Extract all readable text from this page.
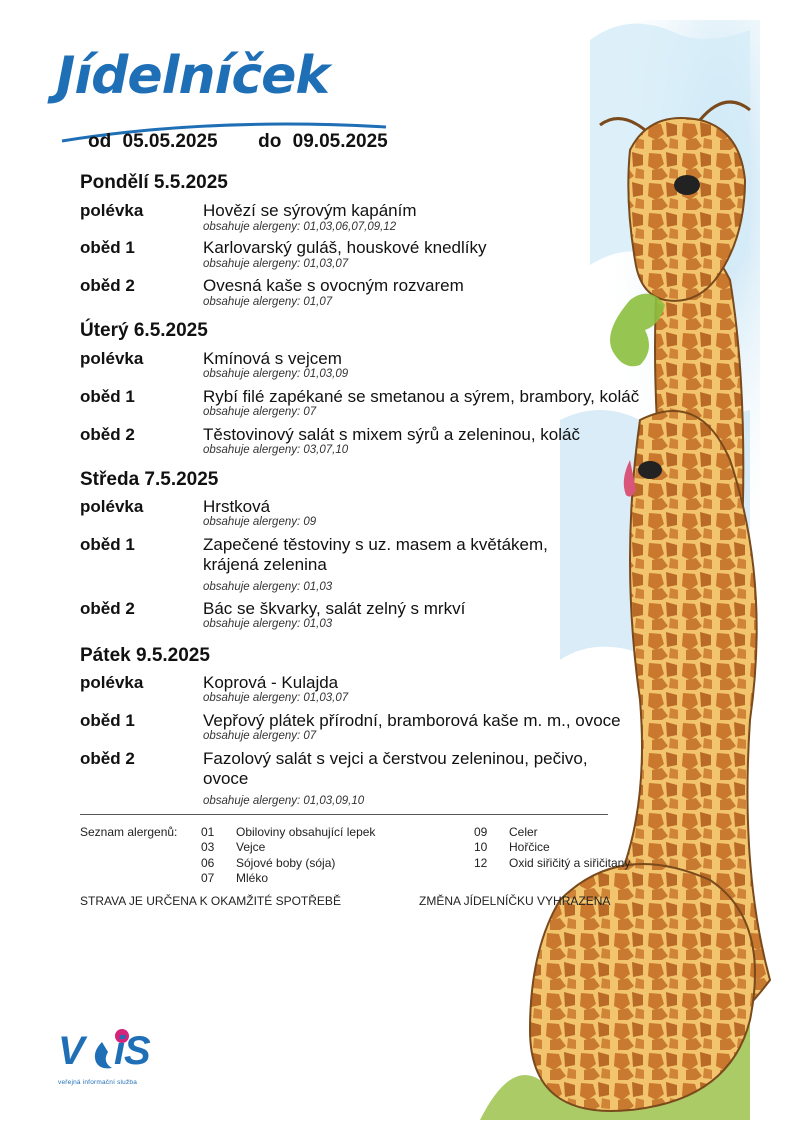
Jídelníček
od 05.05.2025 do 09.05.2025
Pondělí 5.5.2025
polévka	Hovězí se sýrovým kapáním
obsahuje alergeny: 01,03,06,07,09,12
oběd 1	Karlovarský guláš, houskové knedlíky
obsahuje alergeny: 01,03,07
oběd 2	Ovesná kaše s ovocným rozvarem
obsahuje alergeny: 01,07
Úterý 6.5.2025
polévka	Kmínová s vejcem
obsahuje alergeny: 01,03,09
oběd 1	Rybí filé zapékané se smetanou a sýrem, brambory, koláč
obsahuje alergeny: 07
oběd 2	Těstovinový salát s mixem sýrů a zeleninou, koláč
obsahuje alergeny: 03,07,10
Středa 7.5.2025
polévka	Hrstková
obsahuje alergeny: 09
oběd 1	Zapečené těstoviny s uz. masem a květákem,
krájená zelenina
obsahuje alergeny: 01,03
oběd 2	Bác se škvarky, salát zelný s mrkví
obsahuje alergeny: 01,03
Pátek 9.5.2025
polévka	Koprová - Kulajda
obsahuje alergeny: 01,03,07
oběd 1	Vepřový plátek přírodní, bramborová kaše m. m., ovoce
obsahuje alergeny: 07
oběd 2	Fazolový salát s vejci a čerstvou zeleninou, pečivo,
ovoce
obsahuje alergeny: 01,03,09,10
Seznam alergenů: 01 Obiloviny obsahující lepek
03 Vejce
06 Sójové boby (sója)
07 Mléko
09 Celer
10 Hořčice
12 Oxid siřičitý a siřičitany
STRAVA JE URČENA K OKAMŽITÉ SPOTŘEBĚ	ZMĚNA JÍDELNÍČKU VYHRAZENA
V S
i
veřejná informační služba
